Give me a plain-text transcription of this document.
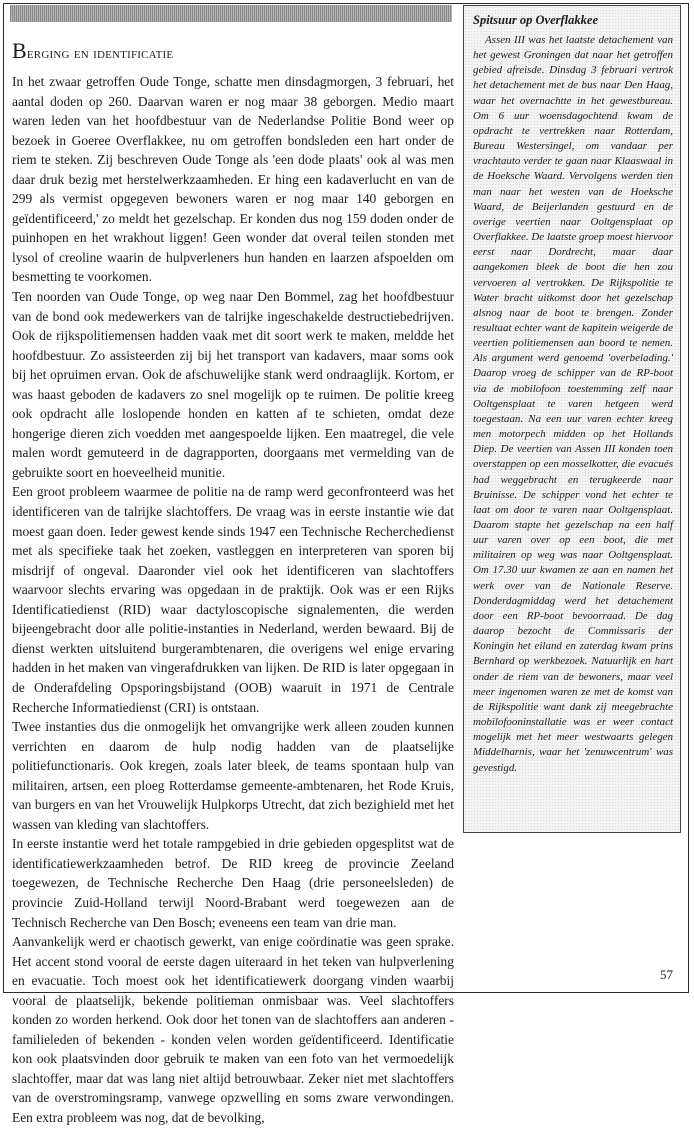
Berging en identificatie

In het zwaar getroffen Oude Tonge, schatte men dinsdagmorgen, 3 februari, het aantal doden op 260. Daarvan waren er nog maar 38 geborgen. Medio maart waren leden van het hoofdbestuur van de Nederlandse Politie Bond weer op bezoek in Goeree Overflakkee, nu om getroffen bondsleden een hart onder de riem te steken. Zij beschreven Oude Tonge als 'een dode plaats' ook al was men daar druk bezig met herstelwerkzaamheden. Er hing een kadaverlucht en van de 299 als vermist opgegeven bewoners waren er nog maar 140 geborgen en geïdentificeerd,' zo meldt het gezelschap. Er konden dus nog 159 doden onder de puinhopen en het wrakhout liggen! Geen wonder dat overal teilen stonden met lysol of creoline waarin de hulpverleners hun handen en laarzen afspoelden om besmetting te voorkomen.

Ten noorden van Oude Tonge, op weg naar Den Bommel, zag het hoofdbestuur van de bond ook medewerkers van de talrijke ingeschakelde destructiebedrijven. Ook de rijkspolitiemensen hadden vaak met dit soort werk te maken, meldde het hoofdbestuur. Zo assisteerden zij bij het transport van kadavers, maar soms ook bij het opruimen ervan. Ook de afschuwelijke stank werd ondraaglijk. Kortom, er was haast geboden de kadavers zo snel mogelijk op te ruimen. De politie kreeg ook opdracht alle loslopende honden en katten af te schieten, omdat deze hongerige dieren zich voedden met aangespoelde lijken. Een maatregel, die vele malen wordt gemuteerd in de dagrapporten, doorgaans met vermelding van de gebruikte soort en hoeveelheid munitie.

Een groot probleem waarmee de politie na de ramp werd geconfronteerd was het identificeren van de talrijke slachtoffers. De vraag was in eerste instantie wie dat moest gaan doen. Ieder gewest kende sinds 1947 een Technische Recherchedienst met als specifieke taak het zoeken, vastleggen en interpreteren van sporen bij misdrijf of ongeval. Daaronder viel ook het identificeren van slachtoffers waarvoor slechts ervaring was opgedaan in de praktijk. Ook was er een Rijks Identificatiedienst (RID) waar dactyloscopische signalementen, die werden bijeengebracht door alle politie-instanties in Nederland, werden bewaard. Bij de dienst werkten uitsluitend burgerambtenaren, die overigens wel enige ervaring hadden in het maken van vingerafdrukken van lijken. De RID is later opgegaan in de Onderafdeling Opsporingsbijstand (OOB) waaruit in 1971 de Centrale Recherche Informatiedienst (CRI) is ontstaan.

Twee instanties dus die onmogelijk het omvangrijke werk alleen zouden kunnen verrichten en daarom de hulp nodig hadden van de plaatselijke politiefunctionaris. Ook kregen, zoals later bleek, de teams spontaan hulp van militairen, artsen, een ploeg Rotterdamse gemeente-ambtenaren, het Rode Kruis, van burgers en van het Vrouwelijk Hulpkorps Utrecht, dat zich bezighield met het wassen van kleding van slachtoffers.

In eerste instantie werd het totale rampgebied in drie gebieden opgesplitst wat de identificatiewerkzaamheden betrof. De RID kreeg de provincie Zeeland toegewezen, de Technische Recherche Den Haag (drie personeelsleden) de provincie Zuid-Holland terwijl Noord-Brabant werd toegewezen aan de Technisch Recherche van Den Bosch; eveneens een team van drie man.

Aanvankelijk werd er chaotisch gewerkt, van enige coördinatie was geen sprake. Het accent stond vooral de eerste dagen uiteraard in het teken van hulpverlening en evacuatie. Toch moest ook het identificatiewerk doorgang vinden waarbij vooral de plaatselijk, bekende politieman onmisbaar was. Veel slachtoffers konden zo worden herkend. Ook door het tonen van de slachtoffers aan anderen - familieleden of bekenden - konden velen worden geïdentificeerd. Identificatie kon ook plaatsvinden door gebruik te maken van een foto van het vermoedelijk slachtoffer, maar dat was lang niet altijd betrouwbaar. Zeker niet met slachtoffers van de overstromingsramp, vanwege opzwelling en soms zware verwondingen. Een extra probleem was nog, dat de bevolking,

Spitsuur op Overflakkee

Assen III was het laatste detachement van het gewest Groningen dat naar het getroffen gebied afreisde. Dinsdag 3 februari vertrok het detachement met de bus naar Den Haag, waar het overnachtte in het gewestbureau. Om 6 uur woensdagochtend kwam de opdracht te vertrekken naar Rotterdam, Bureau Westersingel, om vandaar per vrachtauto verder te gaan naar Klaaswaal in de Hoeksche Waard. Vervolgens werden tien man naar het westen van de Hoeksche Waard, de Beijerlanden gestuurd en de overige veertien naar Ooltgensplaat op Overflakkee. De laatste groep moest hiervoor eerst naar Dordrecht, maar daar aangekomen bleek de boot die hen zou vervoeren al vertrokken. De Rijkspolitie te Water bracht uitkomst door het gezelschap alsnog naar de boot te brengen. Zonder resultaat echter want de kapitein weigerde de veertien politiemensen aan boord te nemen. Als argument werd genoemd 'overbelading.' Daarop vroeg de schipper van de RP-boot via de mobilofoon toestemming zelf naar Ooltgensplaat te varen hetgeen werd toegestaan. Na een uur varen echter kreeg men motorpech midden op het Hollands Diep. De veertien van Assen III konden toen overstappen op een mosselkotter, die evacués had weggebracht en terugkeerde naar Bruinisse. De schipper vond het echter te laat om door te varen naar Ooltgensplaat. Daarom stapte het gezelschap na een half uur varen over op een boot, die met militairen op weg was naar Ooltgensplaat. Om 17.30 uur kwamen ze aan en namen het werk over van de Nationale Reserve. Donderdagmiddag werd het detachement door een RP-boot bevoorraad. De dag daarop bezocht de Commissaris der Koningin het eiland en zaterdag kwam prins Bernhard op werkbezoek. Natuurlijk en hart onder de riem van de bewoners, maar veel meer ingenomen waren ze met de komst van de Rijkspolitie want dank zij meegebrachte mobilofooninstallatie was er weer contact mogelijk met het meer westwaarts gelegen Middelharnis, waar het 'zenuwcentrum' was gevestigd.

57
